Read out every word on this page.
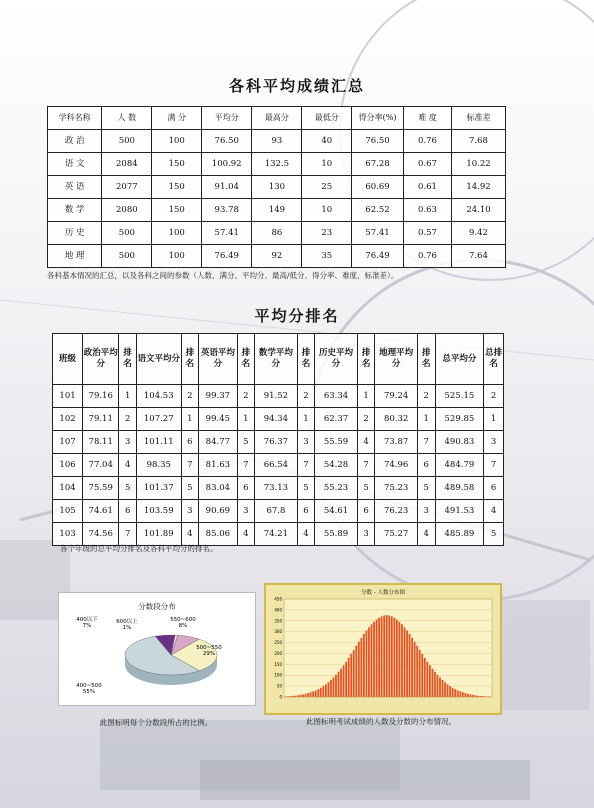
各科平均成绩汇总
学科名称	人 数	满 分	平均分	最高分	最低分	得分率(%)	难 度	标准差
政 治	500	100	76.50	93	40	76.50	0.76	7.68
语 文	2084	150	100.92	132.5	10	67.28	0.67	10.22
英 语	2077	150	91.04	130	25	60.69	0.61	14.92
数 学	2080	150	93.78	149	10	62.52	0.63	24.10
历 史	500	100	57.41	86	23	57.41	0.57	9.42
地 理	500	100	76.49	92	35	76.49	0.76	7.64
各科基本情况的汇总，以及各科之间的参数（人数、满分、平均分、最高/低分、得分率、难度、标准差）。
平均分排名
班级	政治平均分	排名	语文平均分	排名	英语平均分	排名	数学平均分	排名	历史平均分	排名	地理平均分	排名	总平均分	总排名
101	79.16	1	104.53	2	99.37	2	91.52	2	63.34	1	79.24	2	525.15	2
102	79.11	2	107.27	1	99.45	1	94.34	1	62.37	2	80.32	1	529.85	1
107	78.11	3	101.11	6	84.77	5	76.37	3	55.59	4	73.87	7	490.83	3
106	77.04	4	98.35	7	81.63	7	66.54	7	54.28	7	74.96	6	484.79	7
104	75.59	5	101.37	5	83.04	6	73.13	5	55.23	5	75.23	5	489.58	6
105	74.61	6	103.59	3	90.69	3	67.8	6	54.61	6	76.23	3	491.53	4
103	74.56	7	101.89	4	85.06	4	74.21	4	55.89	3	75.27	4	485.89	5
各个年级的总平均分排名及各科平均分的排名。
分数段分布
400以下 7%
600以上 1%
550~600 8%
500~550 29%
400~500 55%
此图标明每个分数段所占的比例。
分数 - 人数分布图
0
50
100
150
200
250
300
350
400
450
此图标明考试成绩的人数及分数的分布情况。
